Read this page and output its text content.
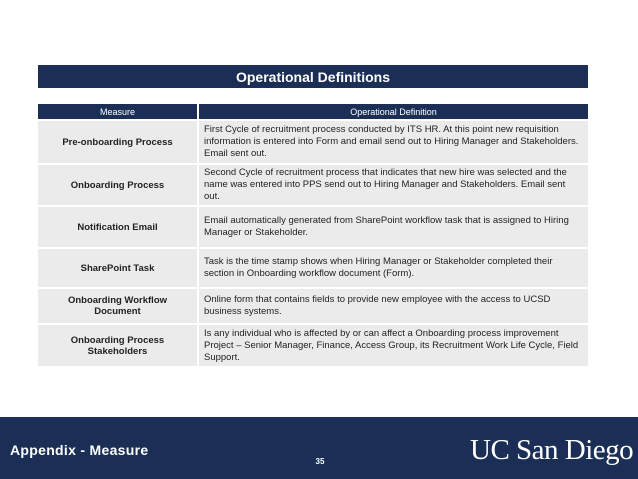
Operational Definitions
Measure	Operational Definition
Pre-onboarding Process	First Cycle of recruitment process conducted by ITS HR. At this point new requisition information is entered into Form and email send out to Hiring Manager and Stakeholders. Email sent out.
Onboarding Process	Second Cycle of recruitment process that indicates that new hire was selected and the name was entered into PPS send out to Hiring Manager and Stakeholders. Email sent out.
Notification Email	Email automatically generated from SharePoint workflow task that is assigned to Hiring Manager or Stakeholder.
SharePoint Task	Task is the time stamp shows when Hiring Manager or Stakeholder completed their section in Onboarding workflow document (Form).
Onboarding Workflow Document	Online form that contains fields to provide new employee with the access to UCSD business systems.
Onboarding Process Stakeholders	Is any individual who is affected by or can affect a Onboarding process improvement Project – Senior Manager, Finance, Access Group, its Recruitment Work Life Cycle, Field Support.
Appendix - Measure
35	UC San Diego
